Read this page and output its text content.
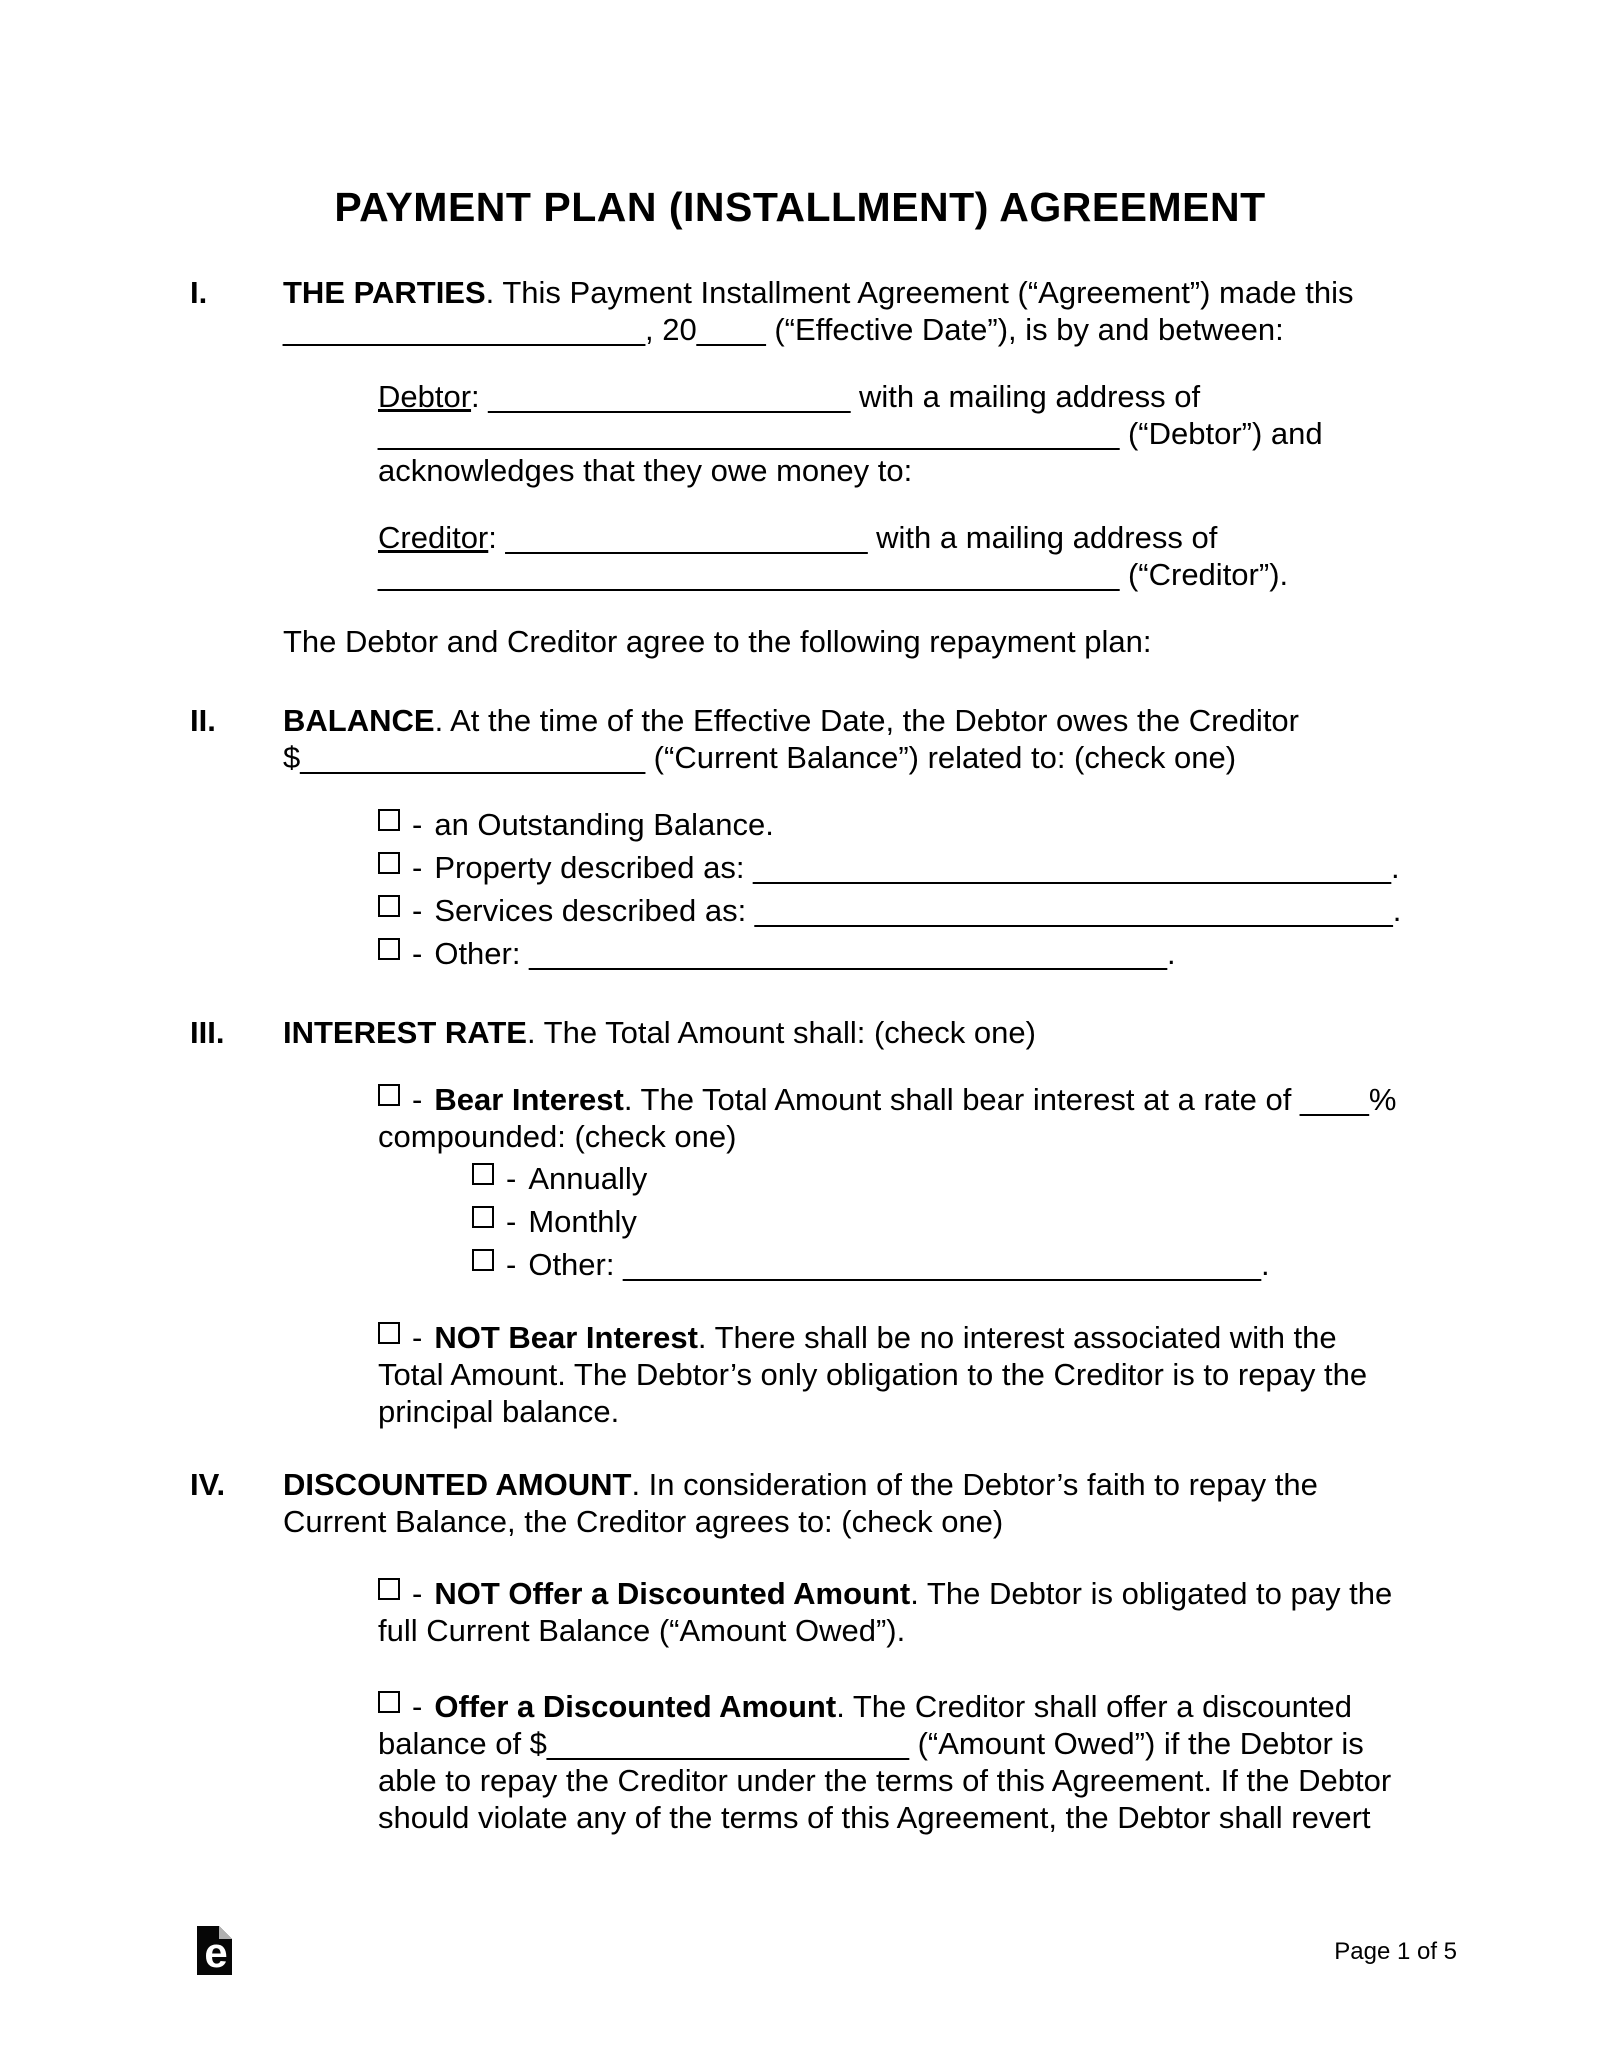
PAYMENT PLAN (INSTALLMENT) AGREEMENT
I. THE PARTIES. This Payment Installment Agreement (“Agreement”) made this
_____________________, 20____ (“Effective Date”), is by and between:
Debtor: _____________________ with a mailing address of
___________________________________________ (“Debtor”) and
acknowledges that they owe money to:
Creditor: _____________________ with a mailing address of
___________________________________________ (“Creditor”).
The Debtor and Creditor agree to the following repayment plan:
II. BALANCE. At the time of the Effective Date, the Debtor owes the Creditor
$____________________ (“Current Balance”) related to: (check one)
- an Outstanding Balance.
- Property described as: _____________________________________.
- Services described as: _____________________________________.
- Other: _____________________________________.
III. INTEREST RATE. The Total Amount shall: (check one)
- Bear Interest. The Total Amount shall bear interest at a rate of ____%
compounded: (check one)
- Annually
- Monthly
- Other: _____________________________________.
- NOT Bear Interest. There shall be no interest associated with the
Total Amount. The Debtor’s only obligation to the Creditor is to repay the
principal balance.
IV. DISCOUNTED AMOUNT. In consideration of the Debtor’s faith to repay the
Current Balance, the Creditor agrees to: (check one)
- NOT Offer a Discounted Amount. The Debtor is obligated to pay the
full Current Balance (“Amount Owed”).
- Offer a Discounted Amount. The Creditor shall offer a discounted
balance of $_____________________ (“Amount Owed”) if the Debtor is
able to repay the Creditor under the terms of this Agreement. If the Debtor
should violate any of the terms of this Agreement, the Debtor shall revert
e	Page 1 of 5
